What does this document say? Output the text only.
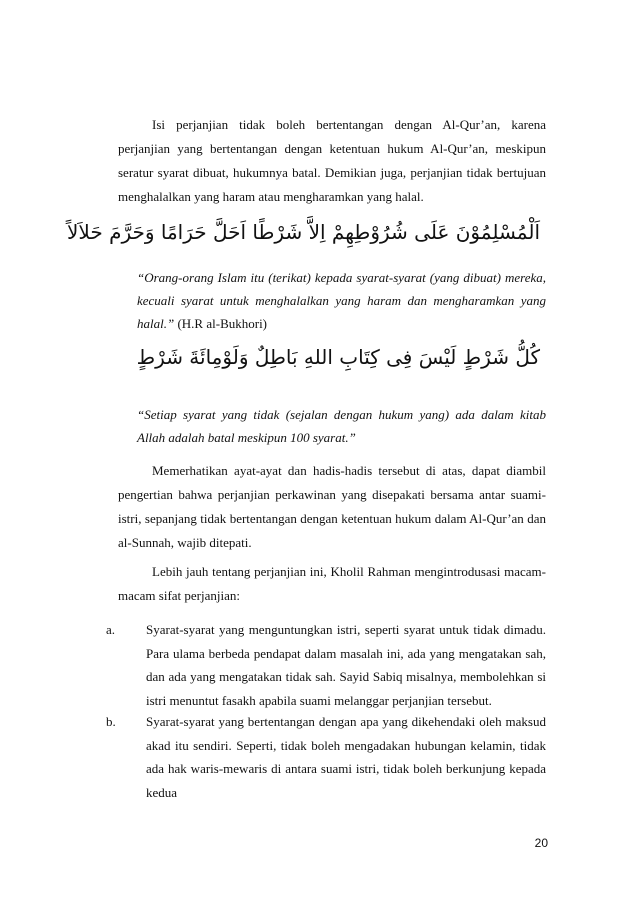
Isi perjanjian tidak boleh bertentangan dengan Al-Qur’an, karena perjanjian yang bertentangan dengan ketentuan hukum Al-Qur’an, meskipun seratur syarat dibuat, hukumnya batal. Demikian juga, perjanjian tidak bertujuan menghalalkan yang haram atau mengharamkan yang halal.

اَلْمُسْلِمُوْنَ عَلَى شُرُوْطِهِمْ اِلاَّ شَرْطًا اَحَلَّ حَرَامًا وَحَرَّمَ حَلاَلاً

“Orang-orang Islam itu (terikat) kepada syarat-syarat (yang dibuat) mereka, kecuali syarat untuk menghalalkan yang haram dan mengharamkan yang halal.” (H.R al-Bukhori)

كُلُّ شَرْطٍ لَيْسَ فِى كِتَابِ اللهِ بَاطِلٌ وَلَوْمِائَةَ شَرْطٍ

“Setiap syarat yang tidak (sejalan dengan hukum yang) ada dalam kitab Allah adalah batal meskipun 100 syarat.”

Memerhatikan ayat-ayat dan hadis-hadis tersebut di atas, dapat diambil pengertian bahwa perjanjian perkawinan yang disepakati bersama antar suami-istri, sepanjang tidak bertentangan dengan ketentuan hukum dalam Al-Qur’an dan al-Sunnah, wajib ditepati.

Lebih jauh tentang perjanjian ini, Kholil Rahman mengintrodusasi macam-macam sifat perjanjian:

a. Syarat-syarat yang menguntungkan istri, seperti syarat untuk tidak dimadu. Para ulama berbeda pendapat dalam masalah ini, ada yang mengatakan sah, dan ada yang mengatakan tidak sah. Sayid Sabiq misalnya, membolehkan si istri menuntut fasakh apabila suami melanggar perjanjian tersebut.
b. Syarat-syarat yang bertentangan dengan apa yang dikehendaki oleh maksud akad itu sendiri. Seperti, tidak boleh mengadakan hubungan kelamin, tidak ada hak waris-mewaris di antara suami istri, tidak boleh berkunjung kepada kedua
20
